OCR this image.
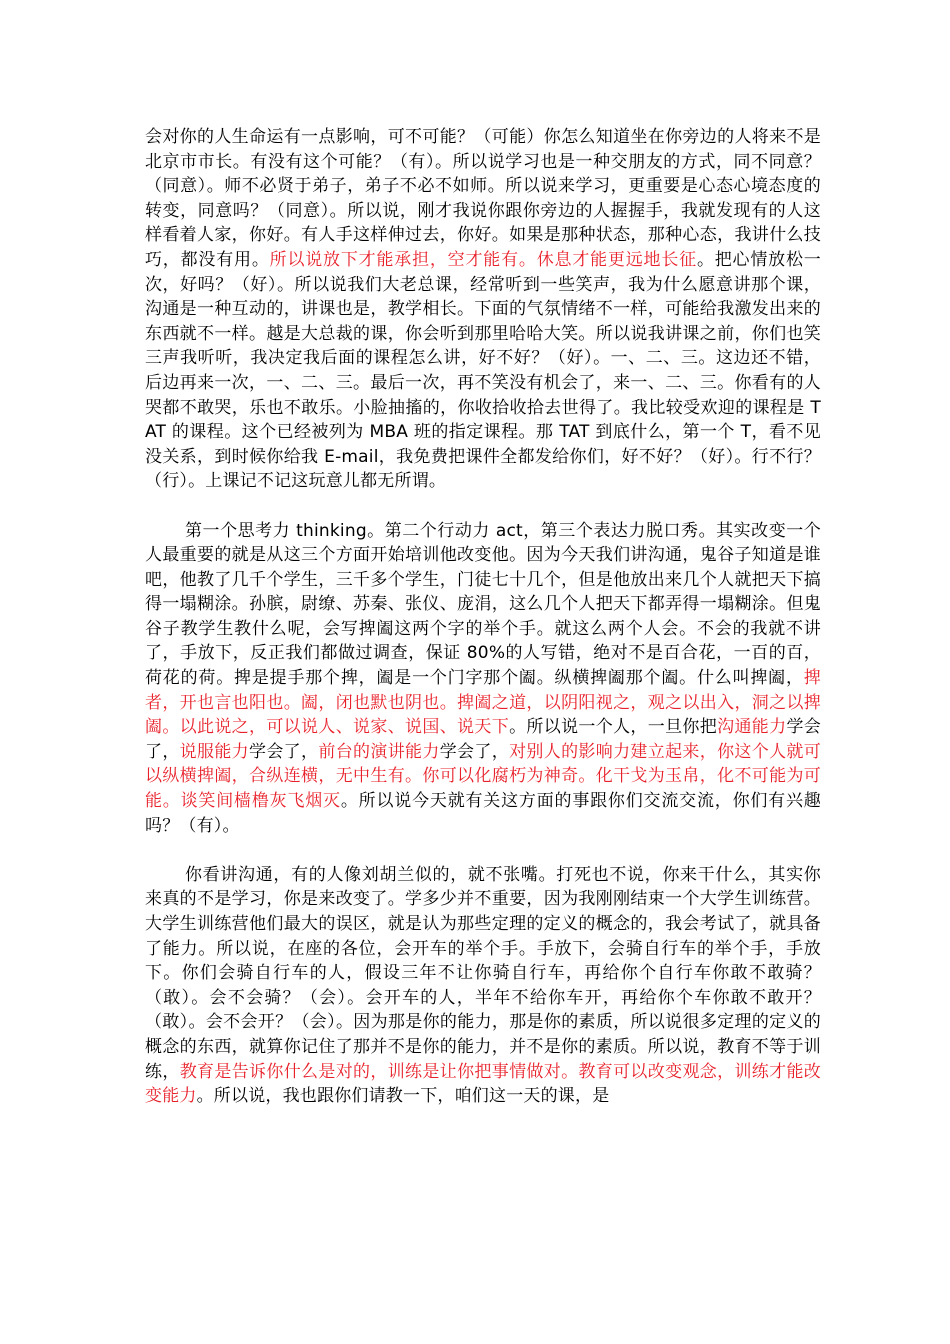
会对你的人生命运有一点影响，可不可能？（可能）你怎么知道坐在你旁边的人将来不是北京市市长。有没有这个可能？（有）。所以说学习也是一种交朋友的方式，同不同意？（同意）。师不必贤于弟子，弟子不必不如师。所以说来学习，更重要是心态心境态度的转变，同意吗？（同意）。所以说，刚才我说你跟你旁边的人握握手，我就发现有的人这样看着人家，你好。有人手这样伸过去，你好。如果是那种状态，那种心态，我讲什么技巧，都没有用。所以说放下才能承担，空才能有。休息才能更远地长征。把心情放松一次，好吗？（好）。所以说我们大老总课，经常听到一些笑声，我为什么愿意讲那个课，沟通是一种互动的，讲课也是，教学相长。下面的气氛情绪不一样，可能给我激发出来的东西就不一样。越是大总裁的课，你会听到那里哈哈大笑。所以说我讲课之前，你们也笑三声我听听，我决定我后面的课程怎么讲，好不好？（好）。一、二、三。这边还不错，后边再来一次，一、二、三。最后一次，再不笑没有机会了，来一、二、三。你看有的人哭都不敢哭，乐也不敢乐。小脸抽搐的，你收拾收拾去世得了。我比较受欢迎的课程是 TAT 的课程。这个已经被列为 MBA 班的指定课程。那 TAT 到底什么，第一个 T，看不见没关系，到时候你给我 E-mail，我免费把课件全都发给你们，好不好？（好）。行不行？（行）。上课记不记这玩意儿都无所谓。

第一个思考力 thinking。第二个行动力 act，第三个表达力脱口秀。其实改变一个人最重要的就是从这三个方面开始培训他改变他。因为今天我们讲沟通，鬼谷子知道是谁吧，他教了几千个学生，三千多个学生，门徒七十几个，但是他放出来几个人就把天下搞得一塌糊涂。孙膑，尉缭、苏秦、张仪、庞涓，这么几个人把天下都弄得一塌糊涂。但鬼谷子教学生教什么呢，会写捭阖这两个字的举个手。就这么两个人会。不会的我就不讲了，手放下，反正我们都做过调查，保证 80%的人写错，绝对不是百合花，一百的百，荷花的荷。捭是提手那个捭，阖是一个门字那个阖。纵横捭阖那个阖。什么叫捭阖，捭者，开也言也阳也。阖，闭也默也阴也。捭阖之道，以阴阳视之，观之以出入，洞之以捭阖。以此说之，可以说人、说家、说国、说天下。所以说一个人，一旦你把沟通能力学会了，说服能力学会了，前台的演讲能力学会了，对别人的影响力建立起来，你这个人就可以纵横捭阖，合纵连横，无中生有。你可以化腐朽为神奇。化干戈为玉帛，化不可能为可能。谈笑间樯橹灰飞烟灭。所以说今天就有关这方面的事跟你们交流交流，你们有兴趣吗？（有）。

你看讲沟通，有的人像刘胡兰似的，就不张嘴。打死也不说，你来干什么，其实你来真的不是学习，你是来改变了。学多少并不重要，因为我刚刚结束一个大学生训练营。大学生训练营他们最大的误区，就是认为那些定理的定义的概念的，我会考试了，就具备了能力。所以说，在座的各位，会开车的举个手。手放下，会骑自行车的举个手，手放下。你们会骑自行车的人，假设三年不让你骑自行车，再给你个自行车你敢不敢骑？（敢）。会不会骑？（会）。会开车的人，半年不给你车开，再给你个车你敢不敢开？（敢）。会不会开？（会）。因为那是你的能力，那是你的素质，所以说很多定理的定义的概念的东西，就算你记住了那并不是你的能力，并不是你的素质。所以说，教育不等于训练，教育是告诉你什么是对的，训练是让你把事情做对。教育可以改变观念，训练才能改变能力。所以说，我也跟你们请教一下，咱们这一天的课，是
